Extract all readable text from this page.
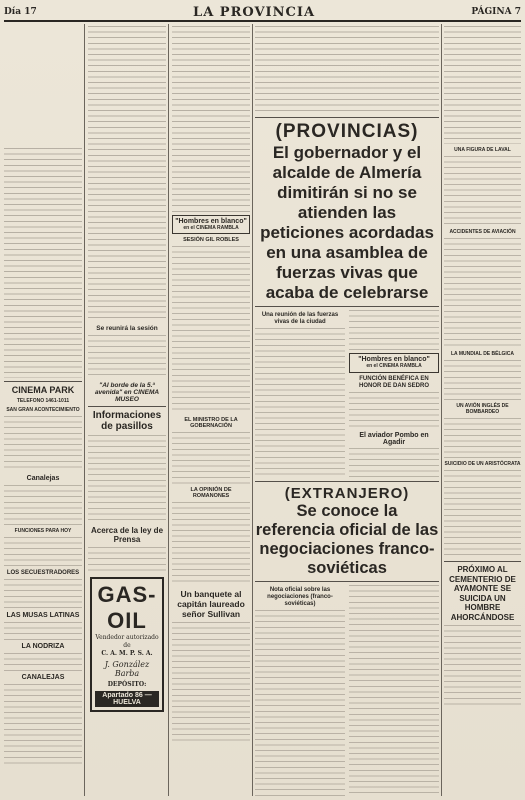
Día 17	LA PROVINCIA	PÁGINA 7

CINEMA PARK
TELEFONO 1461-1011
SAN GRAN ACONTECIMIENTO
Canalejas
FUNCIONES PARA HOY
LOS SECUESTRADORES
LAS MUSAS LATINAS
LA NODRIZA
CANALEJAS
Se reunirá la sesión
"Al borde de la 5.ª avenida" en CINEMA MUSEO
Informaciones de pasillos
Acerca de la ley de Prensa
GAS-OIL
Vendedor autorizado de
C. A. M. P. S. A.
J. González Barba
DEPÓSITO:
Apartado 86 — HUELVA
"Hombres en blanco"
en el CINEMA RAMBLA
SESIÓN GIL ROBLES
EL MINISTRO DE LA GOBERNACIÓN
LA OPINIÓN DE ROMANONES
Un banquete al capitán laureado señor Sullivan
(PROVINCIAS)
El gobernador y el alcalde de Almería dimitirán si no se atienden las peticiones acordadas en una asamblea de fuerzas vivas que acaba de celebrarse
Una reunión de las fuerzas vivas de la ciudad
"Hombres en blanco"
en el CINEMA RAMBLA
FUNCIÓN BENÉFICA EN HONOR DE DAN SEDRO
El aviador Pombo en Agadir
(EXTRANJERO)
Se conoce la referencia oficial de las negociaciones franco-soviéticas
Nota oficial sobre las negociaciones (franco-soviéticas)
UNA FIGURA DE LAVAL
ACCIDENTES DE AVIACIÓN
LA MUNDIAL DE BÉLGICA
UN AVIÓN INGLÉS DE BOMBARDEO
SUICIDIO DE UN ARISTÓCRATA
PRÓXIMO AL CEMENTERIO DE AYAMONTE SE SUICIDA UN HOMBRE AHORCÁNDOSE
